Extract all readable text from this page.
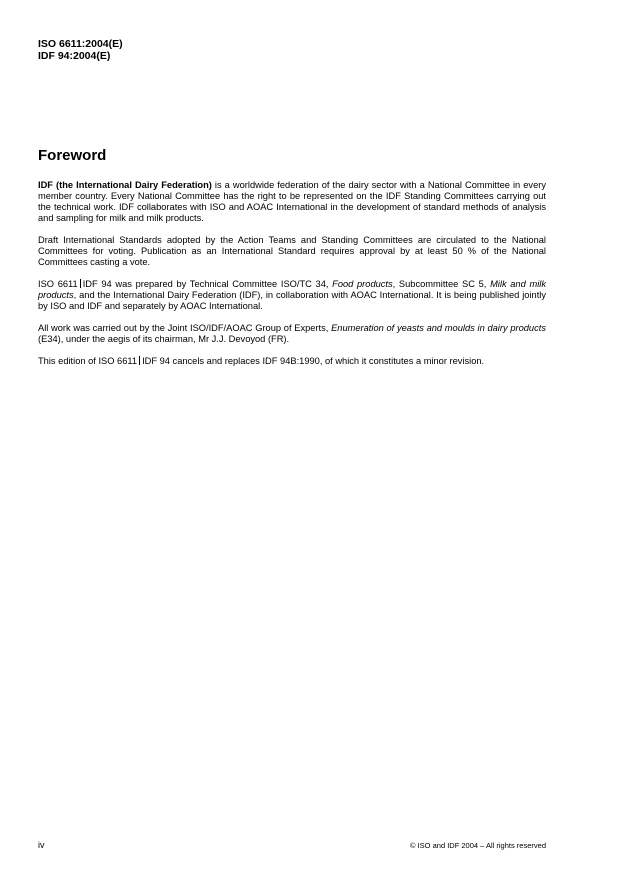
ISO 6611:2004(E)
IDF 94:2004(E)
Foreword

IDF (the International Dairy Federation) is a worldwide federation of the dairy sector with a National Committee in every member country. Every National Committee has the right to be represented on the IDF Standing Committees carrying out the technical work. IDF collaborates with ISO and AOAC International in the development of standard methods of analysis and sampling for milk and milk products.

Draft International Standards adopted by the Action Teams and Standing Committees are circulated to the National Committees for voting. Publication as an International Standard requires approval by at least 50 % of the National Committees casting a vote.

ISO 6611 IDF 94 was prepared by Technical Committee ISO/TC 34, Food products, Subcommittee SC 5, Milk and milk products, and the International Dairy Federation (IDF), in collaboration with AOAC International. It is being published jointly by ISO and IDF and separately by AOAC International.

All work was carried out by the Joint ISO/IDF/AOAC Group of Experts, Enumeration of yeasts and moulds in dairy products (E34), under the aegis of its chairman, Mr J.J. Devoyod (FR).

This edition of ISO 6611 IDF 94 cancels and replaces IDF 94B:1990, of which it constitutes a minor revision.

iv	© ISO and IDF 2004 – All rights reserved
